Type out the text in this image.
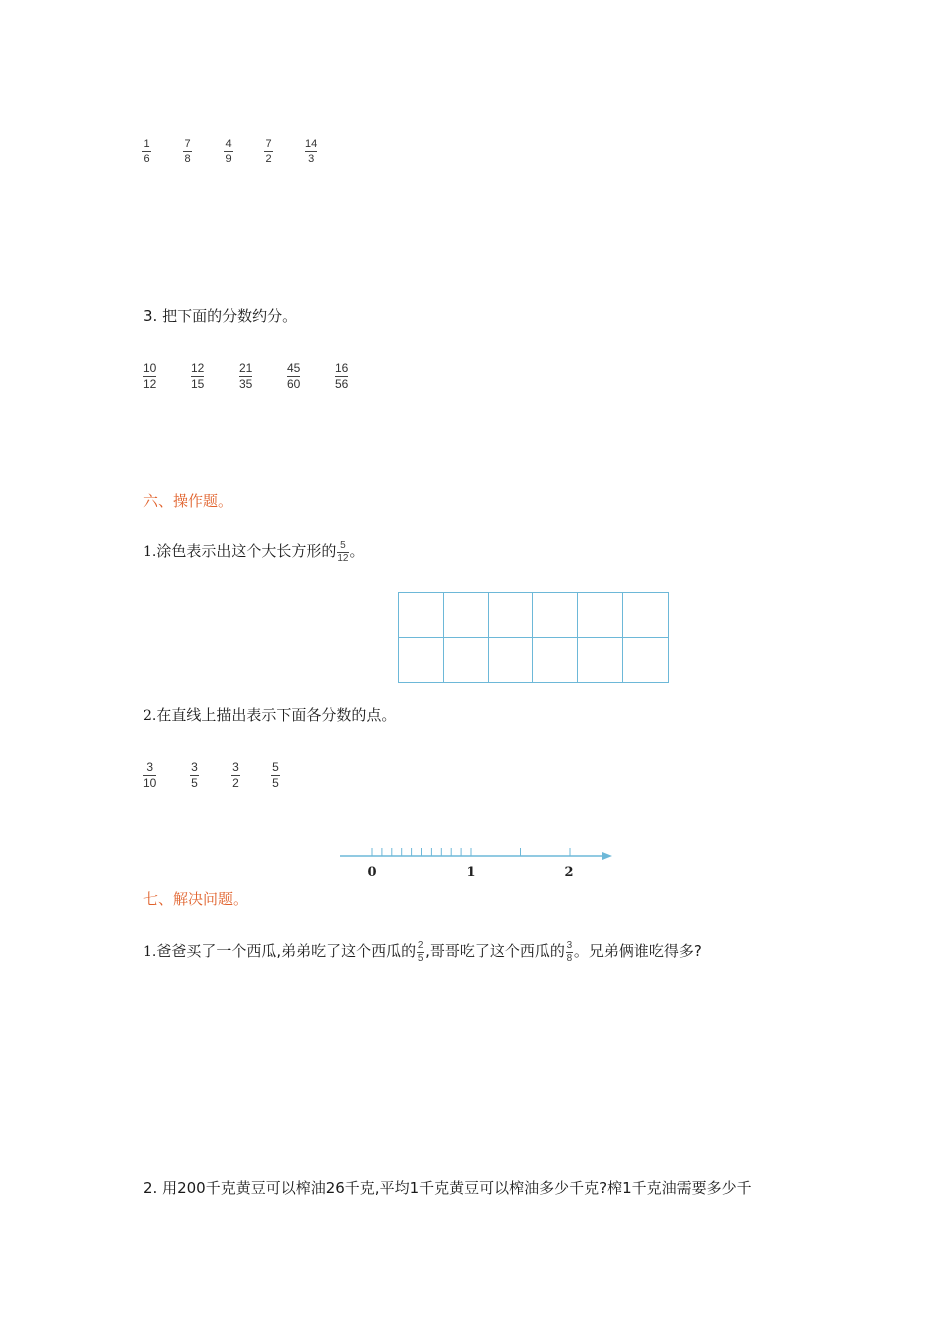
1
6
7
8
4
9
7
2
14
3
3. 把下面的分数约分。
10
12
12
15
21
35
45
60
16
56
六、操作题。
1.涂色表示出这个大长方形的 $\frac{5}{12}$ 。
2.在直线上描出表示下面各分数的点。
3
10
3
5
3
2
5
5
0	1	2
七、解决问题。
1.爸爸买了一个西瓜,弟弟吃了这个西瓜的 $\frac{2}{5}$ ,哥哥吃了这个西瓜的 $\frac{3}{8}$ 。兄弟俩谁吃得多?
2. 用200千克黄豆可以榨油26千克,平均1千克黄豆可以榨油多少千克?榨1千克油需要多少千
